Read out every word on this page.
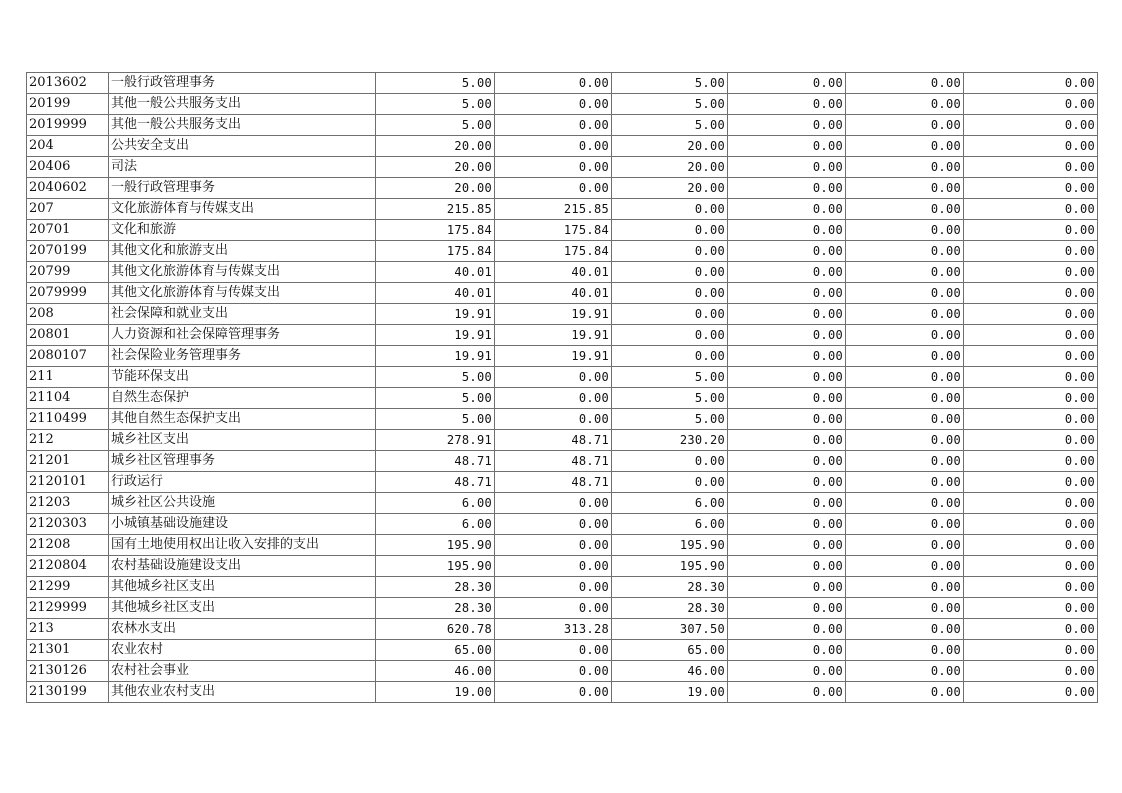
2013602	一般行政管理事务	5.00	0.00	5.00	0.00	0.00	0.00
20199	其他一般公共服务支出	5.00	0.00	5.00	0.00	0.00	0.00
2019999	其他一般公共服务支出	5.00	0.00	5.00	0.00	0.00	0.00
204	公共安全支出	20.00	0.00	20.00	0.00	0.00	0.00
20406	司法	20.00	0.00	20.00	0.00	0.00	0.00
2040602	一般行政管理事务	20.00	0.00	20.00	0.00	0.00	0.00
207	文化旅游体育与传媒支出	215.85	215.85	0.00	0.00	0.00	0.00
20701	文化和旅游	175.84	175.84	0.00	0.00	0.00	0.00
2070199	其他文化和旅游支出	175.84	175.84	0.00	0.00	0.00	0.00
20799	其他文化旅游体育与传媒支出	40.01	40.01	0.00	0.00	0.00	0.00
2079999	其他文化旅游体育与传媒支出	40.01	40.01	0.00	0.00	0.00	0.00
208	社会保障和就业支出	19.91	19.91	0.00	0.00	0.00	0.00
20801	人力资源和社会保障管理事务	19.91	19.91	0.00	0.00	0.00	0.00
2080107	社会保险业务管理事务	19.91	19.91	0.00	0.00	0.00	0.00
211	节能环保支出	5.00	0.00	5.00	0.00	0.00	0.00
21104	自然生态保护	5.00	0.00	5.00	0.00	0.00	0.00
2110499	其他自然生态保护支出	5.00	0.00	5.00	0.00	0.00	0.00
212	城乡社区支出	278.91	48.71	230.20	0.00	0.00	0.00
21201	城乡社区管理事务	48.71	48.71	0.00	0.00	0.00	0.00
2120101	行政运行	48.71	48.71	0.00	0.00	0.00	0.00
21203	城乡社区公共设施	6.00	0.00	6.00	0.00	0.00	0.00
2120303	小城镇基础设施建设	6.00	0.00	6.00	0.00	0.00	0.00
21208	国有土地使用权出让收入安排的支出	195.90	0.00	195.90	0.00	0.00	0.00
2120804	农村基础设施建设支出	195.90	0.00	195.90	0.00	0.00	0.00
21299	其他城乡社区支出	28.30	0.00	28.30	0.00	0.00	0.00
2129999	其他城乡社区支出	28.30	0.00	28.30	0.00	0.00	0.00
213	农林水支出	620.78	313.28	307.50	0.00	0.00	0.00
21301	农业农村	65.00	0.00	65.00	0.00	0.00	0.00
2130126	农村社会事业	46.00	0.00	46.00	0.00	0.00	0.00
2130199	其他农业农村支出	19.00	0.00	19.00	0.00	0.00	0.00
